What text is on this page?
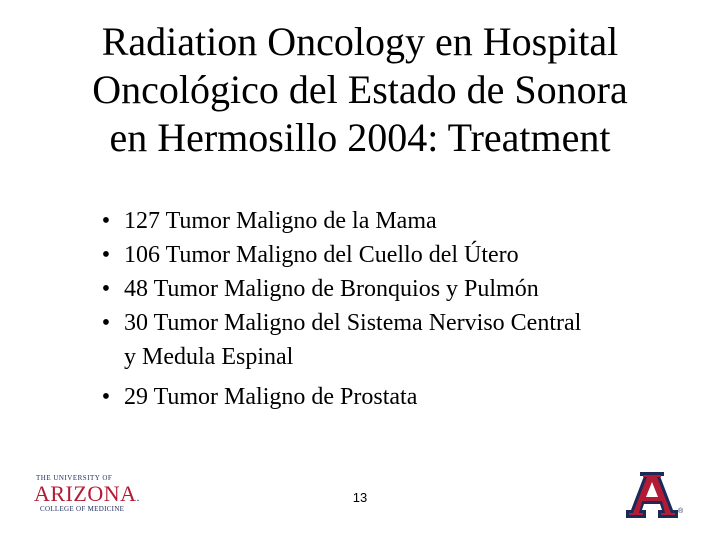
Radiation Oncology en Hospital
Oncológico del Estado de Sonora
en Hermosillo 2004: Treatment
• 127 Tumor Maligno de la Mama
• 106 Tumor Maligno del Cuello del Útero
• 48 Tumor Maligno de Bronquios y Pulmón
• 30 Tumor Maligno del Sistema Nerviso Central
y Medula Espinal
• 29 Tumor Maligno de Prostata
THE UNIVERSITY OF
ARIZONA.
COLLEGE OF MEDICINE
13
®
